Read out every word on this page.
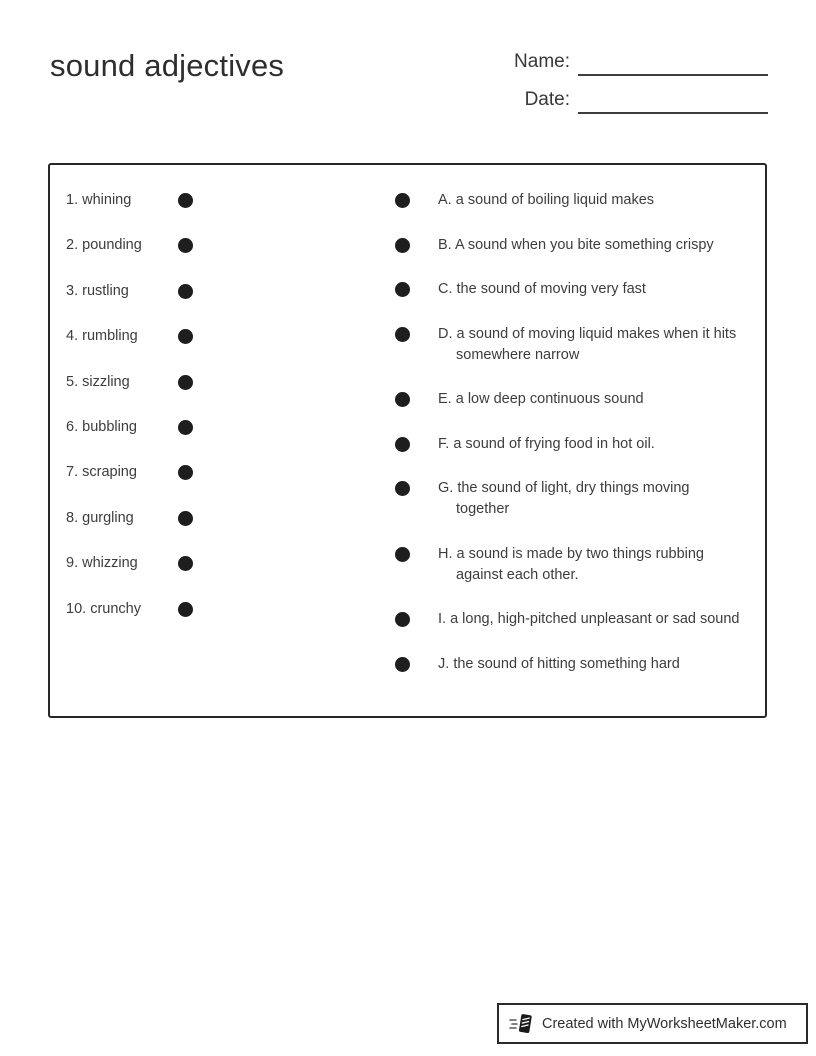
sound adjectives	Name:
Date:
1. whining
2. pounding
3. rustling
4. rumbling
5. sizzling
6. bubbling
7. scraping
8. gurgling
9. whizzing
10. crunchy
A. a sound of boiling liquid makes
B. A sound when you bite something crispy
C. the sound of moving very fast
D. a sound of moving liquid makes when it hits somewhere narrow
E. a low deep continuous sound
F. a sound of frying food in hot oil.
G. the sound of light, dry things moving together
H. a sound is made by two things rubbing against each other.
I. a long, high-pitched unpleasant or sad sound
J. the sound of hitting something hard
Created with MyWorksheetMaker.com
